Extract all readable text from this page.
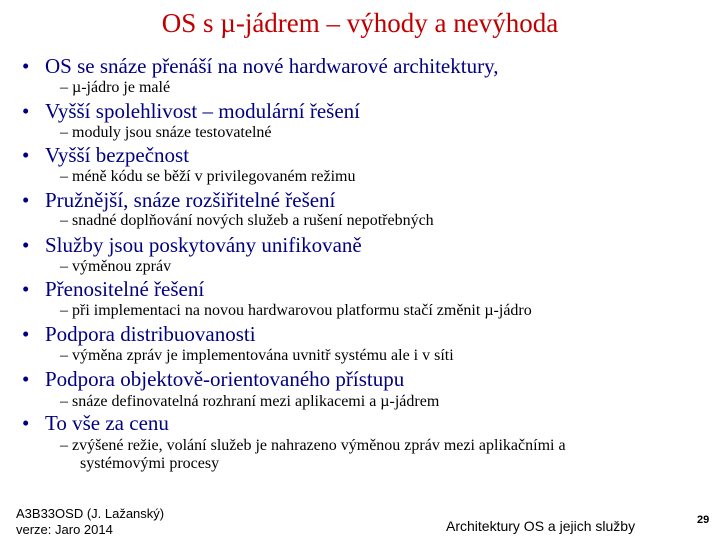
OS s µ-jádrem – výhody a nevýhoda
• OS se snáze přenáší na nové hardwarové architektury,
– µ-jádro je malé
• Vyšší spolehlivost – modulární řešení
– moduly jsou snáze testovatelné
• Vyšší bezpečnost
– méně kódu se běží v privilegovaném režimu
• Pružnější, snáze rozšiřitelné řešení
– snadné doplňování nových služeb a rušení nepotřebných
• Služby jsou poskytovány unifikovaně
– výměnou zpráv
• Přenositelné řešení
– při implementaci na novou hardwarovou platformu stačí změnit µ-jádro
• Podpora distribuovanosti
– výměna zpráv je implementována uvnitř systému ale i v síti
• Podpora objektově-orientovaného přístupu
– snáze definovatelná rozhraní mezi aplikacemi a µ-jádrem
• To vše za cenu
– zvýšené režie, volání služeb je nahrazeno výměnou zpráv mezi aplikačními a
systémovými procesy
A3B33OSD (J. Lažanský)
verze: Jaro 2014	Architektury OS a jejich služby	29
